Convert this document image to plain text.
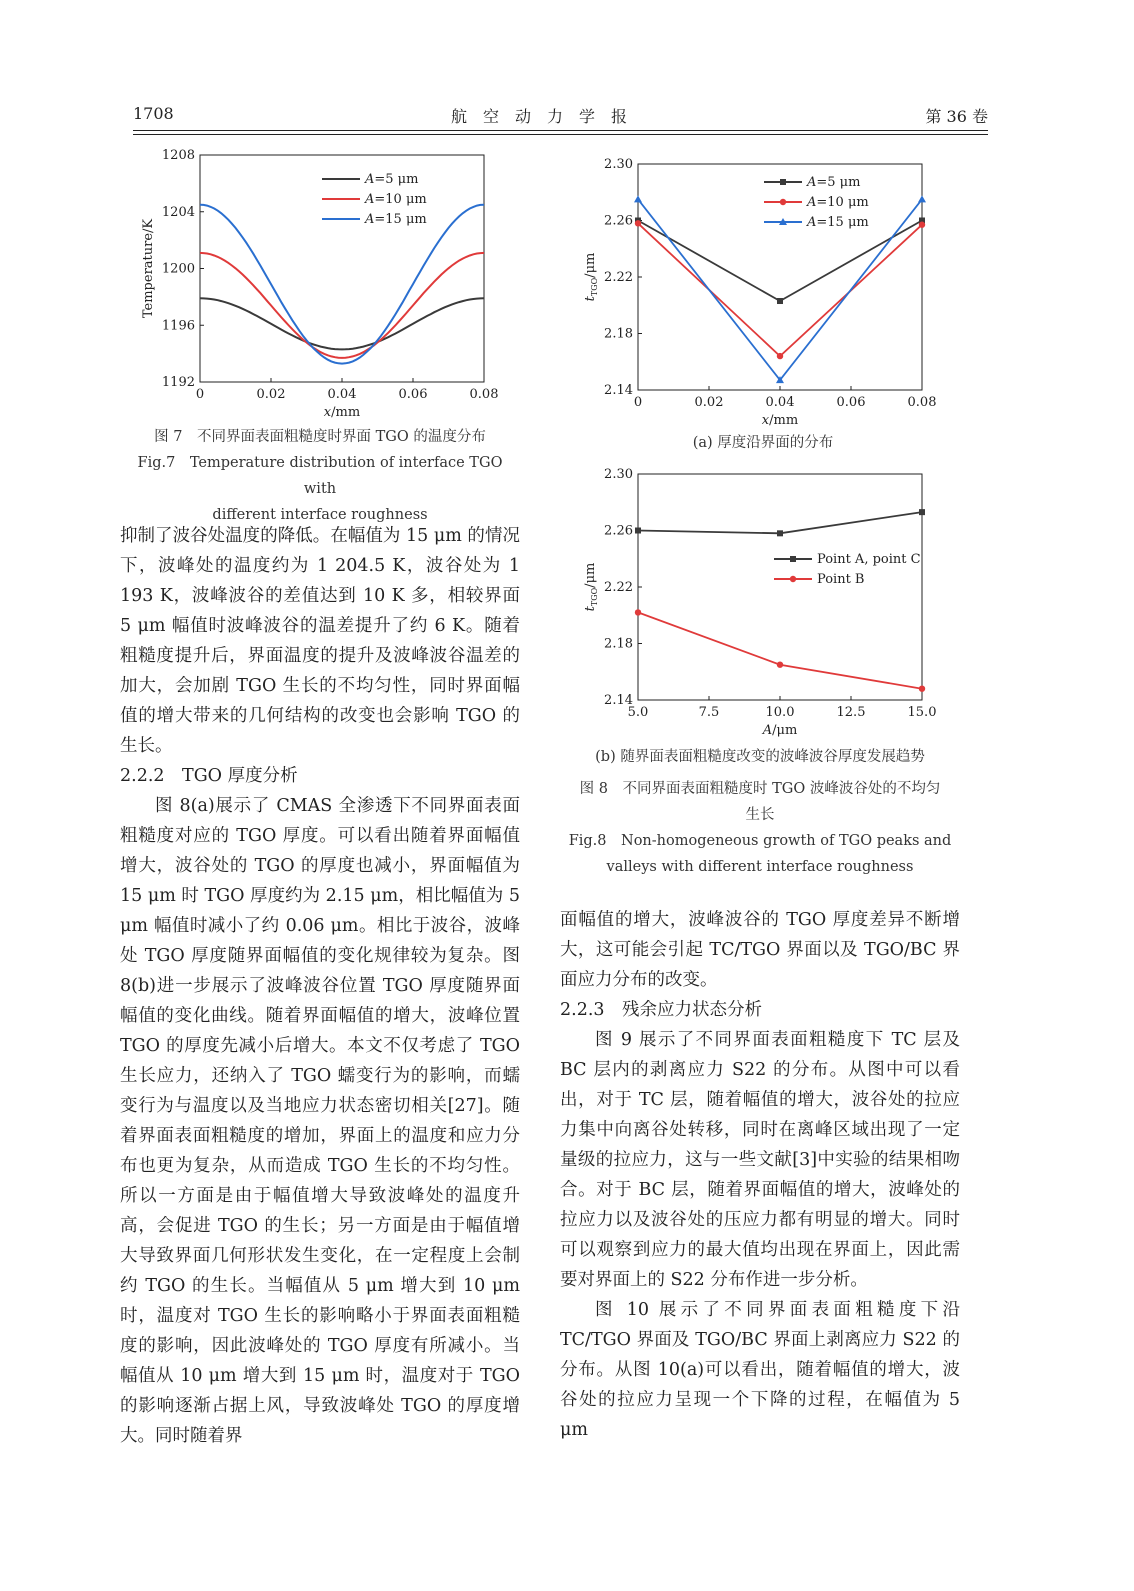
1708	航　空　动　力　学　报	第 36 卷
0	0.02	0.04	0.06	0.08
1192
1196
1200
1204
1208
A=5 μm
A=10 μm
A=15 μm
x/mm
Temperature/K
图 7　不同界面表面粗糙度时界面 TGO 的温度分布
Fig.7　Temperature distribution of interface TGO with
different interface roughness
0	0.02	0.04	0.06	0.08
2.14
2.18
2.22
2.26
2.30
A=5 μm
A=10 μm
A=15 μm
x/mm
$t_{TGO}/\mu m$
(a) 厚度沿界面的分布
5.0	7.5	10.0	12.5	15.0
2.14
2.18
2.22
2.26
2.30
Point A, point C
Point B
A/μm
$t_{TGO}/\mu m$
(b) 随界面表面粗糙度改变的波峰波谷厚度发展趋势
图 8　不同界面表面粗糙度时 TGO 波峰波谷处的不均匀
生长
Fig.8　Non-homogeneous growth of TGO peaks and
valleys with different interface roughness

抑制了波谷处温度的降低。在幅值为 15 μm 的情况下，波峰处的温度约为 1 204.5 K，波谷处为 1 193 K，波峰波谷的差值达到 10 K 多，相较界面 5 μm 幅值时波峰波谷的温差提升了约 6 K。随着粗糙度提升后，界面温度的提升及波峰波谷温差的加大，会加剧 TGO 生长的不均匀性，同时界面幅值的增大带来的几何结构的改变也会影响 TGO 的生长。

2.2.2　TGO 厚度分析

图 8(a)展示了 CMAS 全渗透下不同界面表面粗糙度对应的 TGO 厚度。可以看出随着界面幅值增大，波谷处的 TGO 的厚度也减小，界面幅值为 15 μm 时 TGO 厚度约为 2.15 μm，相比幅值为 5 μm 幅值时减小了约 0.06 μm。相比于波谷，波峰处 TGO 厚度随界面幅值的变化规律较为复杂。图 8(b)进一步展示了波峰波谷位置 TGO 厚度随界面幅值的变化曲线。随着界面幅值的增大，波峰位置 TGO 的厚度先减小后增大。本文不仅考虑了 TGO 生长应力，还纳入了 TGO 蠕变行为的影响，而蠕变行为与温度以及当地应力状态密切相关[27]。随着界面表面粗糙度的增加，界面上的温度和应力分布也更为复杂，从而造成 TGO 生长的不均匀性。所以一方面是由于幅值增大导致波峰处的温度升高，会促进 TGO 的生长；另一方面是由于幅值增大导致界面几何形状发生变化，在一定程度上会制约 TGO 的生长。当幅值从 5 μm 增大到 10 μm 时，温度对 TGO 生长的影响略小于界面表面粗糙度的影响，因此波峰处的 TGO 厚度有所减小。当幅值从 10 μm 增大到 15 μm 时，温度对于 TGO 的影响逐渐占据上风，导致波峰处 TGO 的厚度增大。同时随着界

面幅值的增大，波峰波谷的 TGO 厚度差异不断增大，这可能会引起 TC/TGO 界面以及 TGO/BC 界面应力分布的改变。

2.2.3　残余应力状态分析

图 9 展示了不同界面表面粗糙度下 TC 层及 BC 层内的剥离应力 S22 的分布。从图中可以看出，对于 TC 层，随着幅值的增大，波谷处的拉应力集中向离谷处转移，同时在离峰区域出现了一定量级的拉应力，这与一些文献[3]中实验的结果相吻合。对于 BC 层，随着界面幅值的增大，波峰处的拉应力以及波谷处的压应力都有明显的增大。同时可以观察到应力的最大值均出现在界面上，因此需要对界面上的 S22 分布作进一步分析。

图 10 展示了不同界面表面粗糙度下沿 TC/TGO 界面及 TGO/BC 界面上剥离应力 S22 的分布。从图 10(a)可以看出，随着幅值的增大，波谷处的拉应力呈现一个下降的过程，在幅值为 5 μm
